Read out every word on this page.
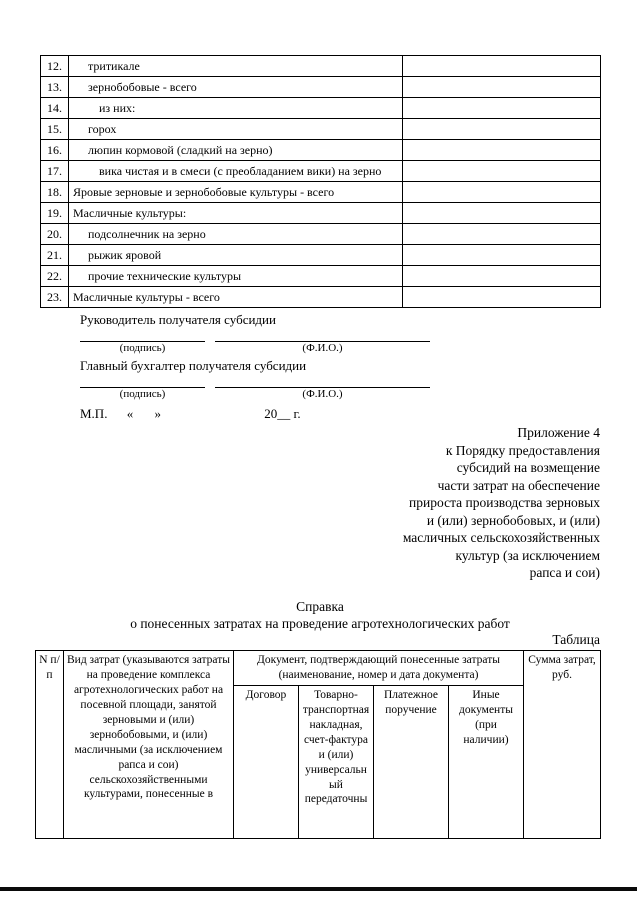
12.	тритикале	
13.	зернобобовые - всего	
14.	из них:	
15.	горох	
16.	люпин кормовой (сладкий на зерно)	
17.	вика чистая и в смеси (с преобладанием вики) на зерно	
18.	Яровые зерновые и зернобобовые культуры - всего	
19.	Масличные культуры:	
20.	подсолнечник на зерно	
21.	рыжик яровой	
22.	прочие технические культуры	
23.	Масличные культуры - всего	
Руководитель получателя субсидии
(подпись)	(Ф.И.О.)
Главный бухгалтер получателя субсидии
(подпись)	(Ф.И.О.)
М.П. « »	20__ г.
Приложение 4
к Порядку предоставления
субсидий на возмещение
части затрат на обеспечение
прироста производства зерновых
и (или) зернобобовых, и (или)
масличных сельскохозяйственных
культур (за исключением
рапса и сои)
Справка
о понесенных затратах на проведение агротехнологических работ
Таблица
N п/п	Вид затрат (указываются затраты на проведение комплекса агротехнологических работ на посевной площади, занятой зерновыми и (или) зернобобовыми, и (или) масличными (за исключением рапса и сои) сельскохозяйственными культурами, понесенные в	Документ, подтверждающий понесенные затраты (наименование, номер и дата документа)				Сумма затрат, руб.
		Договор	Товарно-транспортная накладная, счет-фактура и (или) универсальный передаточны	Платежное поручение	Иные документы (при наличии)	
